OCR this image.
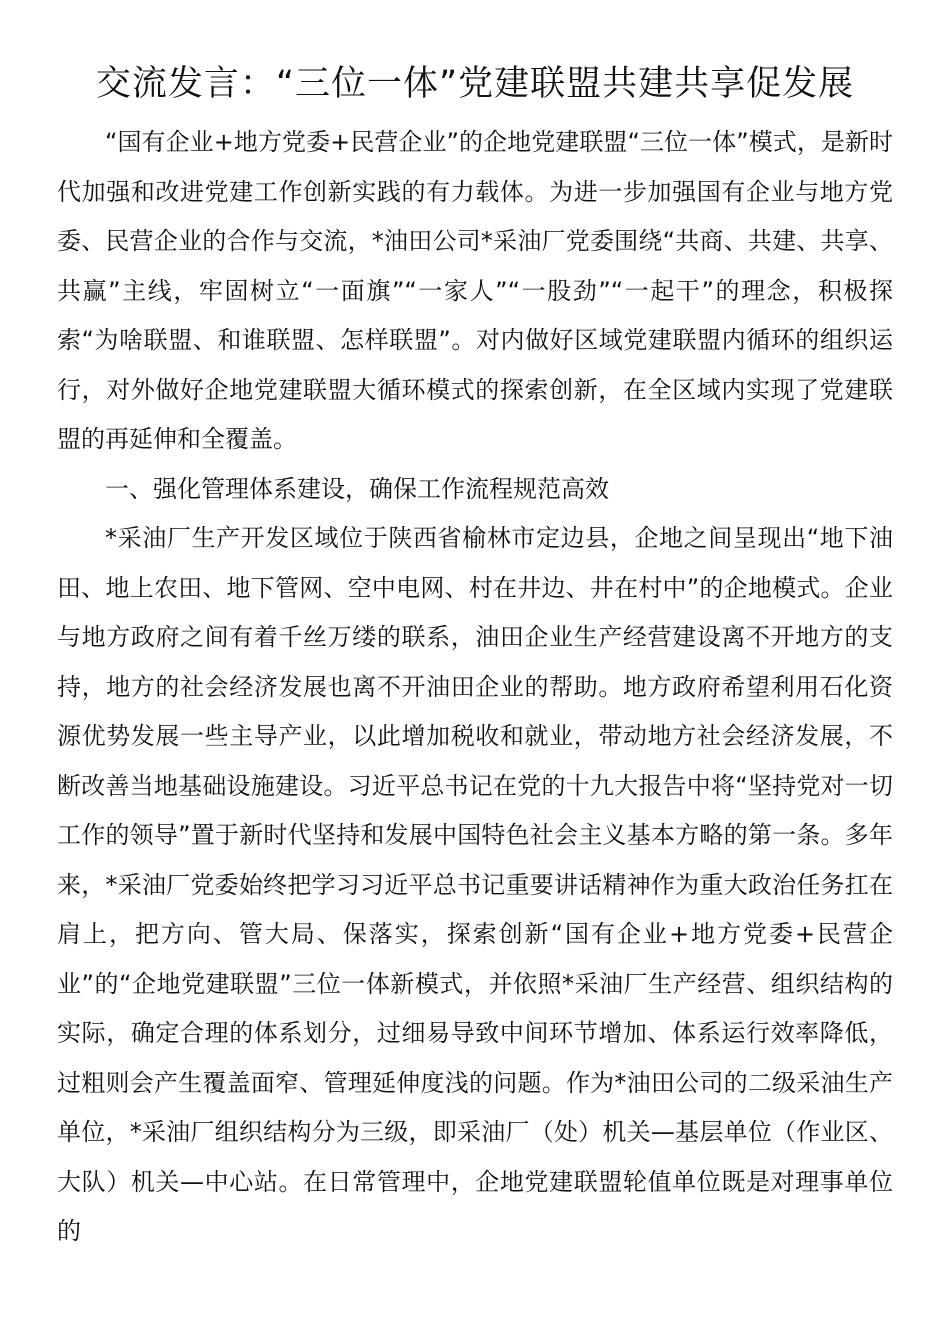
交流发言：“三位一体”党建联盟共建共享促发展

“国有企业+地方党委+民营企业”的企地党建联盟“三位一体”模式，是新时代加强和改进党建工作创新实践的有力载体。为进一步加强国有企业与地方党委、民营企业的合作与交流，*油田公司*采油厂党委围绕“共商、共建、共享、共赢”主线，牢固树立“一面旗”“一家人”“一股劲”“一起干”的理念，积极探索“为啥联盟、和谁联盟、怎样联盟”。对内做好区域党建联盟内循环的组织运行，对外做好企地党建联盟大循环模式的探索创新，在全区域内实现了党建联盟的再延伸和全覆盖。

一、强化管理体系建设，确保工作流程规范高效

*采油厂生产开发区域位于陕西省榆林市定边县，企地之间呈现出“地下油田、地上农田、地下管网、空中电网、村在井边、井在村中”的企地模式。企业与地方政府之间有着千丝万缕的联系，油田企业生产经营建设离不开地方的支持，地方的社会经济发展也离不开油田企业的帮助。地方政府希望利用石化资源优势发展一些主导产业，以此增加税收和就业，带动地方社会经济发展，不断改善当地基础设施建设。习近平总书记在党的十九大报告中将“坚持党对一切工作的领导”置于新时代坚持和发展中国特色社会主义基本方略的第一条。多年来，*采油厂党委始终把学习习近平总书记重要讲话精神作为重大政治任务扛在肩上，把方向、管大局、保落实，探索创新“国有企业+地方党委+民营企业”的“企地党建联盟”三位一体新模式，并依照*采油厂生产经营、组织结构的实际，确定合理的体系划分，过细易导致中间环节增加、体系运行效率降低，过粗则会产生覆盖面窄、管理延伸度浅的问题。作为*油田公司的二级采油生产单位，*采油厂组织结构分为三级，即采油厂（处）机关—基层单位（作业区、大队）机关—中心站。在日常管理中，企地党建联盟轮值单位既是对理事单位的
